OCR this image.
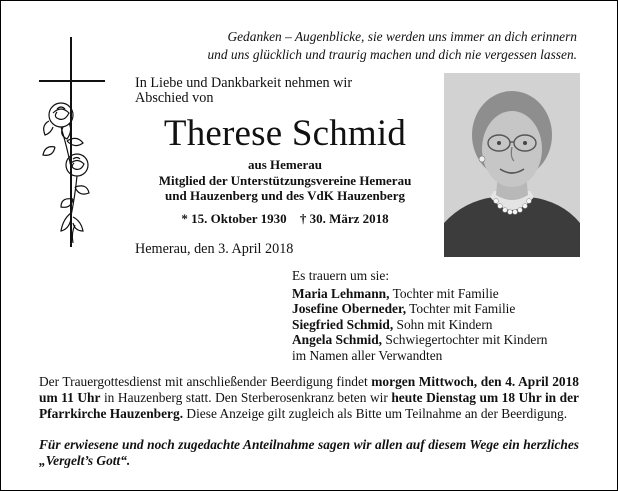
Gedanken – Augenblicke, sie werden uns immer an dich erinnern
und uns glücklich und traurig machen und dich nie vergessen lassen.
In Liebe und Dankbarkeit nehmen wir
Abschied von
Therese Schmid
aus Hemerau
Mitglied der Unterstützungsvereine Hemerau
und Hauzenberg und des VdK Hauzenberg
* 15. Oktober 1930 † 30. März 2018
Hemerau, den 3. April 2018
Es trauern um sie:
Maria Lehmann, Tochter mit Familie
Josefine Oberneder, Tochter mit Familie
Siegfried Schmid, Sohn mit Kindern
Angela Schmid, Schwiegertochter mit Kindern
im Namen aller Verwandten
Der Trauergottesdienst mit anschließender Beerdigung findet morgen Mittwoch, den 4. April 2018 um 11 Uhr in Hauzenberg statt. Den Sterberosenkranz beten wir heute Dienstag um 18 Uhr in der Pfarrkirche Hauzenberg. Diese Anzeige gilt zugleich als Bitte um Teilnahme an der Beerdigung.
Für erwiesene und noch zugedachte Anteilnahme sagen wir allen auf diesem Wege ein herzliches „Vergelt’s Gott“.
